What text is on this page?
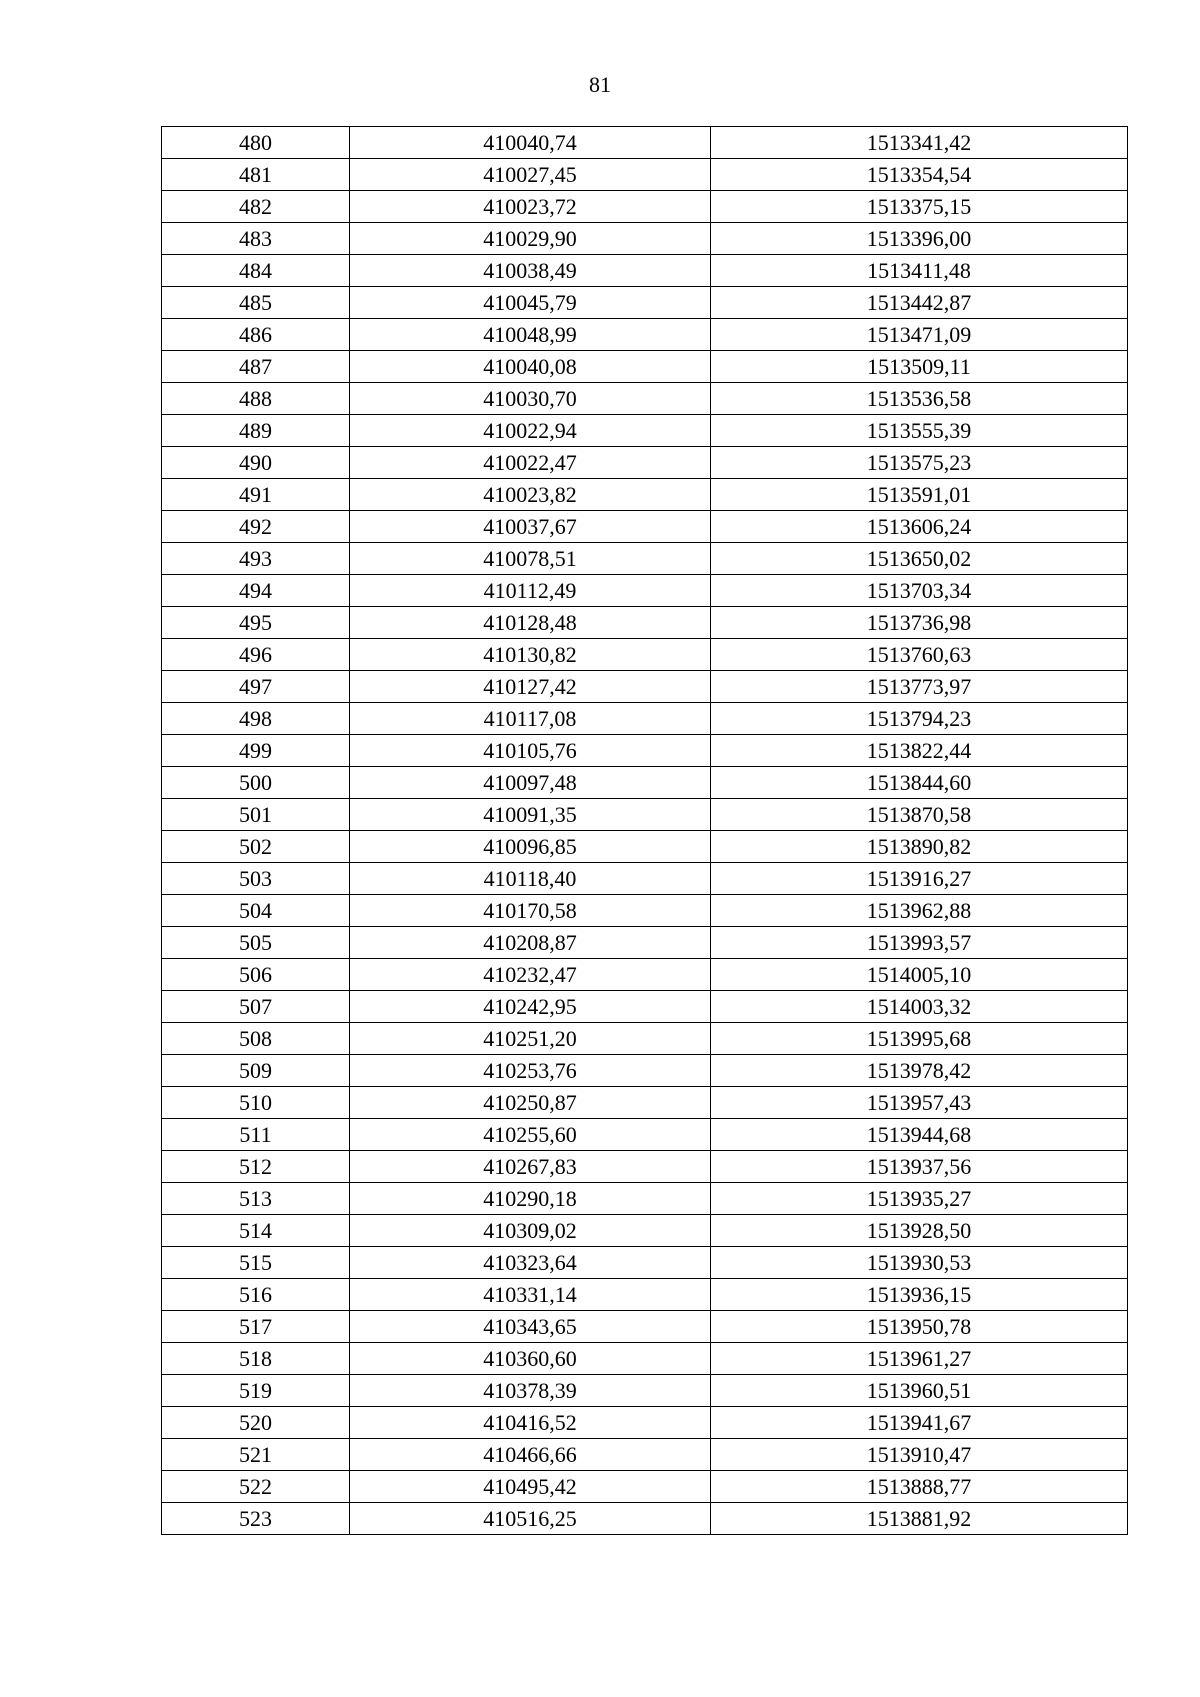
81
480	410040,74	1513341,42
481	410027,45	1513354,54
482	410023,72	1513375,15
483	410029,90	1513396,00
484	410038,49	1513411,48
485	410045,79	1513442,87
486	410048,99	1513471,09
487	410040,08	1513509,11
488	410030,70	1513536,58
489	410022,94	1513555,39
490	410022,47	1513575,23
491	410023,82	1513591,01
492	410037,67	1513606,24
493	410078,51	1513650,02
494	410112,49	1513703,34
495	410128,48	1513736,98
496	410130,82	1513760,63
497	410127,42	1513773,97
498	410117,08	1513794,23
499	410105,76	1513822,44
500	410097,48	1513844,60
501	410091,35	1513870,58
502	410096,85	1513890,82
503	410118,40	1513916,27
504	410170,58	1513962,88
505	410208,87	1513993,57
506	410232,47	1514005,10
507	410242,95	1514003,32
508	410251,20	1513995,68
509	410253,76	1513978,42
510	410250,87	1513957,43
511	410255,60	1513944,68
512	410267,83	1513937,56
513	410290,18	1513935,27
514	410309,02	1513928,50
515	410323,64	1513930,53
516	410331,14	1513936,15
517	410343,65	1513950,78
518	410360,60	1513961,27
519	410378,39	1513960,51
520	410416,52	1513941,67
521	410466,66	1513910,47
522	410495,42	1513888,77
523	410516,25	1513881,92
